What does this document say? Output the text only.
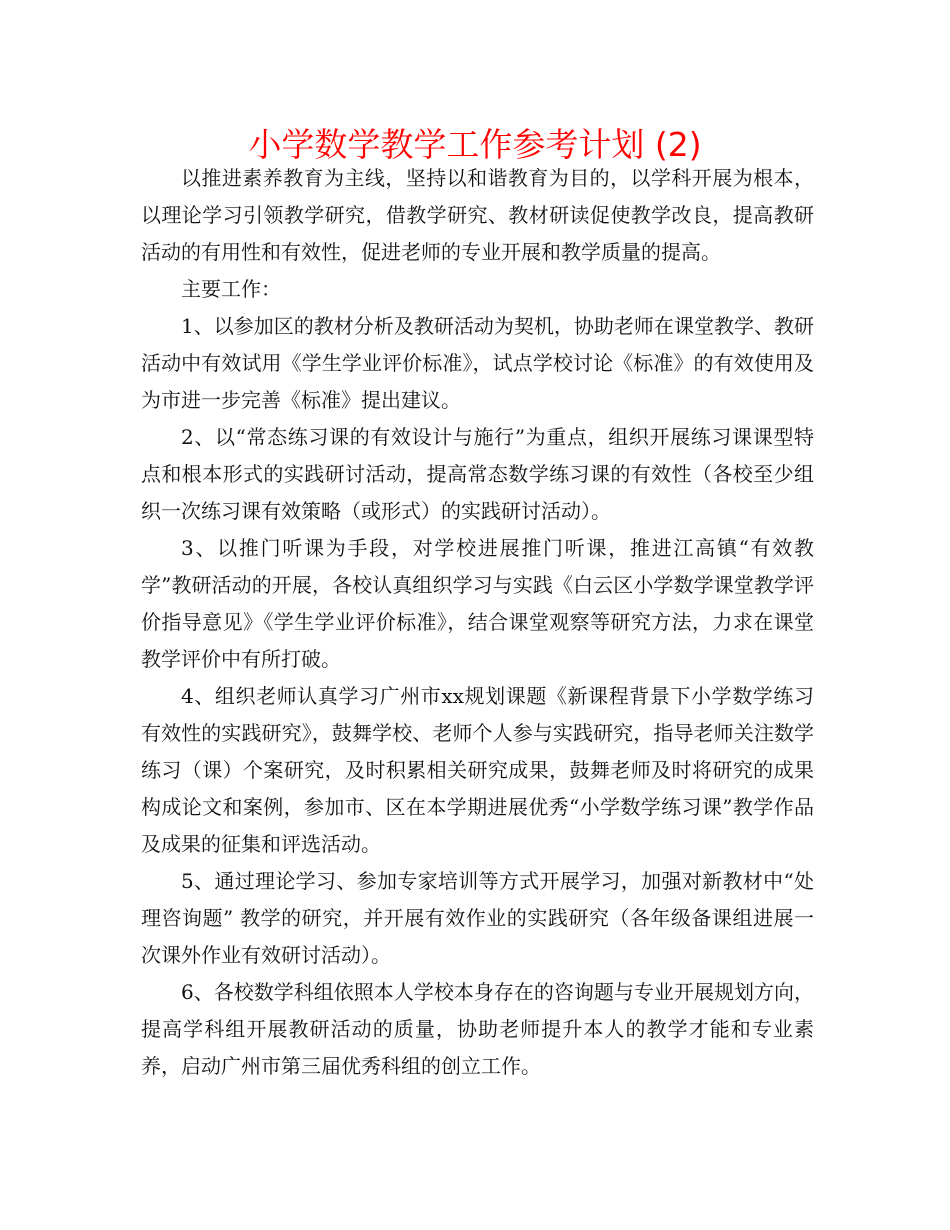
小学数学教学工作参考计划 (2)

以推进素养教育为主线，坚持以和谐教育为目的，以学科开展为根本，以理论学习引领教学研究，借教学研究、教材研读促使教学改良，提高教研活动的有用性和有效性，促进老师的专业开展和教学质量的提高。

主要工作：

1、以参加区的教材分析及教研活动为契机，协助老师在课堂教学、教研活动中有效试用《学生学业评价标准》，试点学校讨论《标准》的有效使用及为市进一步完善《标准》提出建议。

2、以“常态练习课的有效设计与施行”为重点，组织开展练习课课型特点和根本形式的实践研讨活动，提高常态数学练习课的有效性（各校至少组织一次练习课有效策略（或形式）的实践研讨活动）。

3、以推门听课为手段，对学校进展推门听课，推进江高镇“有效教学”教研活动的开展，各校认真组织学习与实践《白云区小学数学课堂教学评价指导意见》《学生学业评价标准》，结合课堂观察等研究方法，力求在课堂教学评价中有所打破。

4、组织老师认真学习广州市xx规划课题《新课程背景下小学数学练习有效性的实践研究》，鼓舞学校、老师个人参与实践研究，指导老师关注数学练习（课）个案研究，及时积累相关研究成果，鼓舞老师及时将研究的成果构成论文和案例，参加市、区在本学期进展优秀“小学数学练习课”教学作品及成果的征集和评选活动。

5、通过理论学习、参加专家培训等方式开展学习，加强对新教材中“处理咨询题” 教学的研究，并开展有效作业的实践研究（各年级备课组进展一次课外作业有效研讨活动）。

6、各校数学科组依照本人学校本身存在的咨询题与专业开展规划方向，提高学科组开展教研活动的质量，协助老师提升本人的教学才能和专业素养，启动广州市第三届优秀科组的创立工作。
